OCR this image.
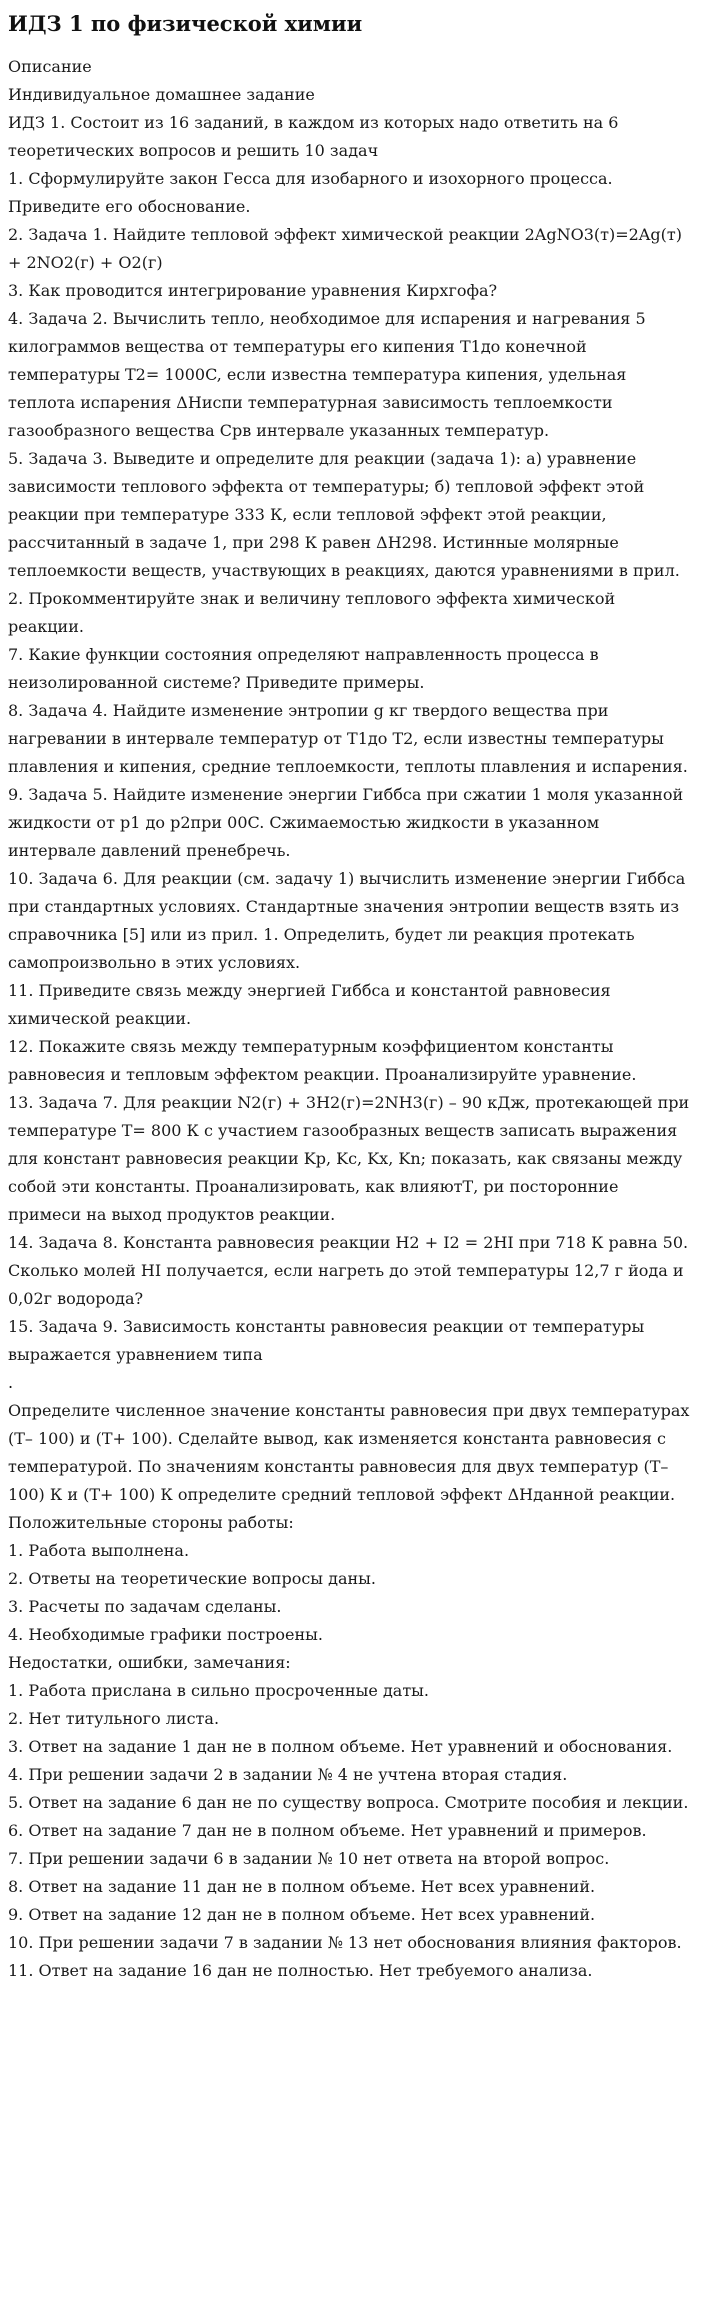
ИДЗ 1 по физической химии
Описание
Индивидуальное домашнее задание
ИДЗ 1. Состоит из 16 заданий, в каждом из которых надо ответить на 6 теоретических вопросов и решить 10 задач
1. Сформулируйте закон Гесса для изобарного и изохорного процесса. Приведите его обоснование.
2. Задача 1. Найдите тепловой эффект химической реакции 2AgNO3(т)=2Ag(т) + 2NO2(г) + O2(г)
3. Как проводится интегрирование уравнения Кирхгофа?
4. Задача 2. Вычислить тепло, необходимое для испарения и нагревания 5 килограммов вещества от температуры его кипения T1до конечной температуры T2= 1000C, если известна температура кипения, удельная теплота испарения ΔHиспи температурная зависимость теплоемкости газообразного вещества Cpв интервале указанных температур.
5. Задача 3. Выведите и определите для реакции (задача 1): а) уравнение зависимости теплового эффекта от температуры; б) тепловой эффект этой реакции при температуре 333 К, если тепловой эффект этой реакции, рассчитанный в задаче 1, при 298 К равен ΔH298. Истинные молярные теплоемкости веществ, участвующих в реакциях, даются уравнениями в прил. 2. Прокомментируйте знак и величину теплового эффекта химической реакции.
7. Какие функции состояния определяют направленность процесса в неизолированной системе? Приведите примеры.
8. Задача 4. Найдите изменение энтропии g кг твердого вещества при нагревании в интервале температур от T1до T2, если известны температуры плавления и кипения, средние теплоемкости, теплоты плавления и испарения.
9. Задача 5. Найдите изменение энергии Гиббса при сжатии 1 моля указанной жидкости от p1 до p2при 00C. Сжимаемостью жидкости в указанном интервале давлений пренебречь.
10. Задача 6. Для реакции (см. задачу 1) вычислить изменение энергии Гиббса при стандартных условиях. Стандартные значения энтропии веществ взять из справочника [5] или из прил. 1. Определить, будет ли реакция протекать самопроизвольно в этих условиях.
11. Приведите связь между энергией Гиббса и константой равновесия химической реакции.
12. Покажите связь между температурным коэффициентом константы равновесия и тепловым эффектом реакции. Проанализируйте уравнение.
13. Задача 7. Для реакции N2(г) + 3H2(г)=2NH3(г) – 90 кДж, протекающей при температуре T= 800 К с участием газообразных веществ записать выражения для констант равновесия реакции Kp, Kc, Kx, Kn; показать, как связаны между собой эти константы. Проанализировать, как влияютТ, ри посторонние примеси на выход продуктов реакции.
14. Задача 8. Константа равновесия реакции H2 + I2 = 2HI при 718 К равна 50. Сколько молей HI получается, если нагреть до этой температуры 12,7 г йода и 0,02г водорода?
15. Задача 9. Зависимость константы равновесия реакции от температуры выражается уравнением типа
.
Определите численное значение константы равновесия при двух температурах (T– 100) и (T+ 100). Сделайте вывод, как изменяется константа равновесия с температурой. По значениям константы равновесия для двух температур (T– 100) К и (T+ 100) К определите средний тепловой эффект ΔHданной реакции.
Положительные стороны работы:
1. Работа выполнена.
2. Ответы на теоретические вопросы даны.
3. Расчеты по задачам сделаны.
4. Необходимые графики построены.
Недостатки, ошибки, замечания:
1. Работа прислана в сильно просроченные даты.
2. Нет титульного листа.
3. Ответ на задание 1 дан не в полном объеме. Нет уравнений и обоснования.
4. При решении задачи 2 в задании № 4 не учтена вторая стадия.
5. Ответ на задание 6 дан не по существу вопроса. Смотрите пособия и лекции.
6. Ответ на задание 7 дан не в полном объеме. Нет уравнений и примеров.
7. При решении задачи 6 в задании № 10 нет ответа на второй вопрос.
8. Ответ на задание 11 дан не в полном объеме. Нет всех уравнений.
9. Ответ на задание 12 дан не в полном объеме. Нет всех уравнений.
10. При решении задачи 7 в задании № 13 нет обоснования влияния факторов.
11. Ответ на задание 16 дан не полностью. Нет требуемого анализа.
